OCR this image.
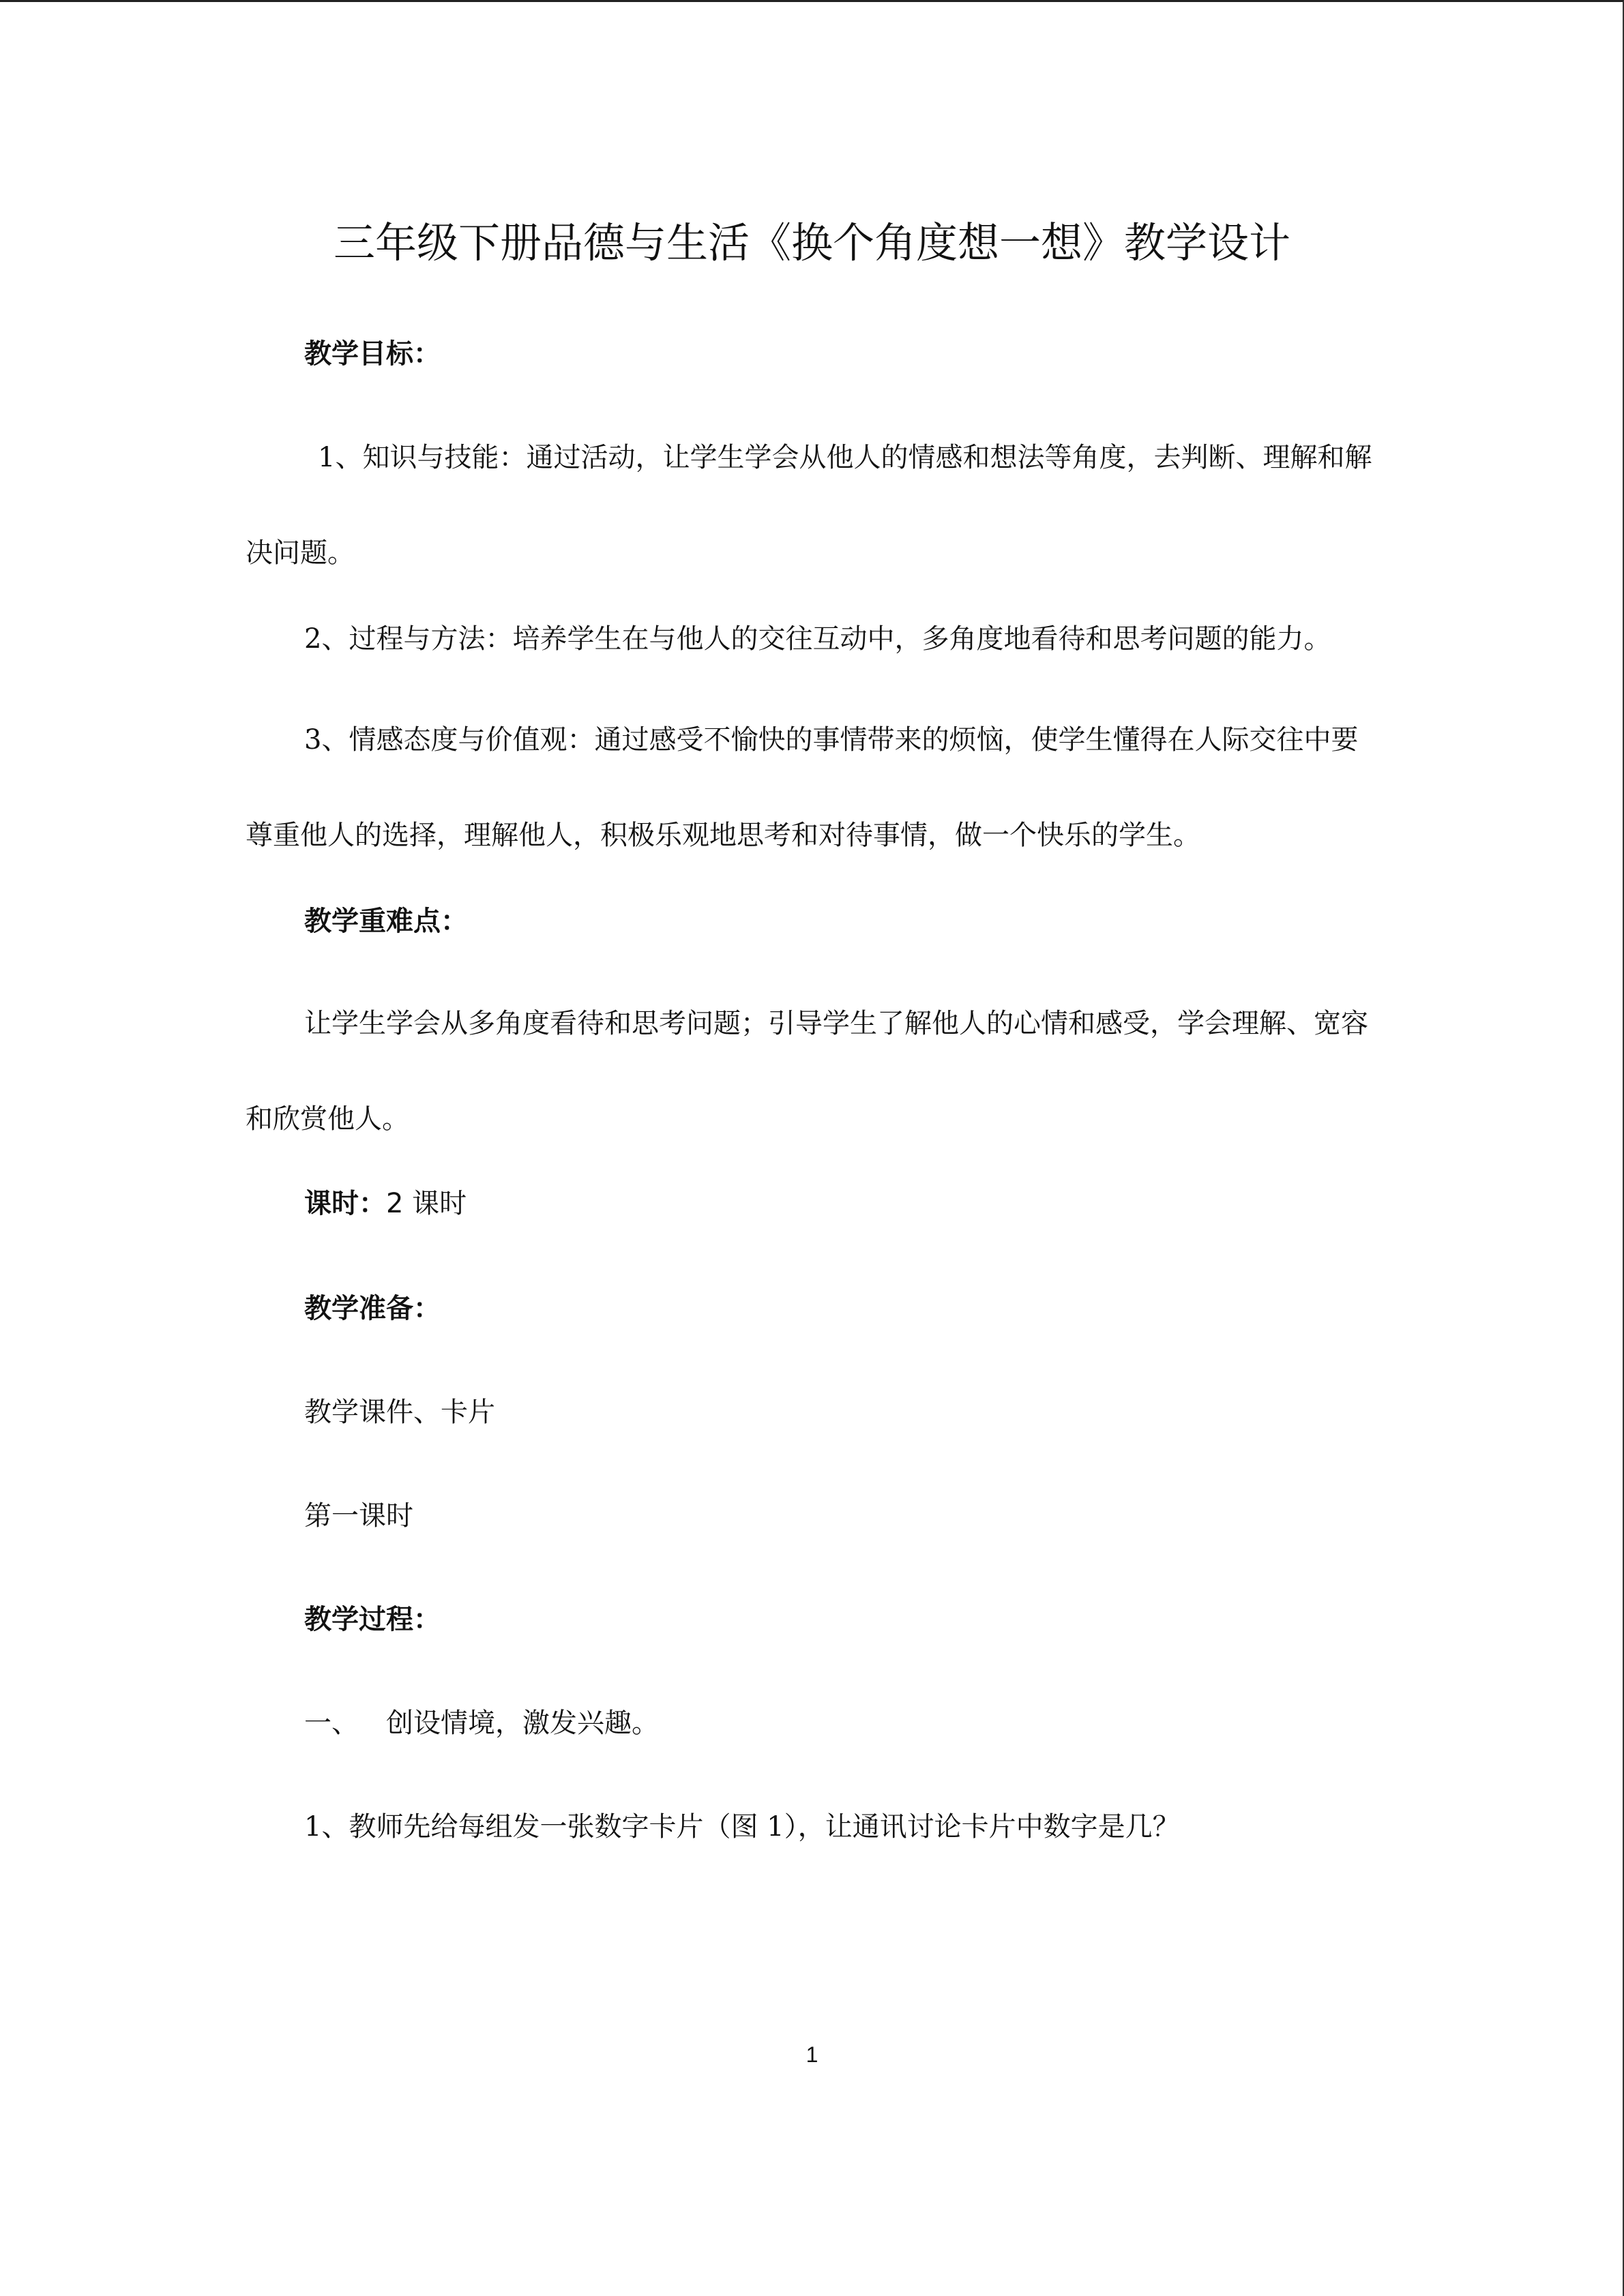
三年级下册品德与生活《换个角度想一想》教学设计

教学目标：

1、知识与技能：通过活动，让学生学会从他人的情感和想法等角度，去判断、理解和解决问题。

2、过程与方法：培养学生在与他人的交往互动中，多角度地看待和思考问题的能力。

3、情感态度与价值观：通过感受不愉快的事情带来的烦恼，使学生懂得在人际交往中要尊重他人的选择，理解他人，积极乐观地思考和对待事情，做一个快乐的学生。

教学重难点：

让学生学会从多角度看待和思考问题；引导学生了解他人的心情和感受，学会理解、宽容和欣赏他人。

课时：2 课时

教学准备：

教学课件、卡片

第一课时

教学过程：

一、 创设情境，激发兴趣。

1、教师先给每组发一张数字卡片（图 1），让通讯讨论卡片中数字是几？

1
